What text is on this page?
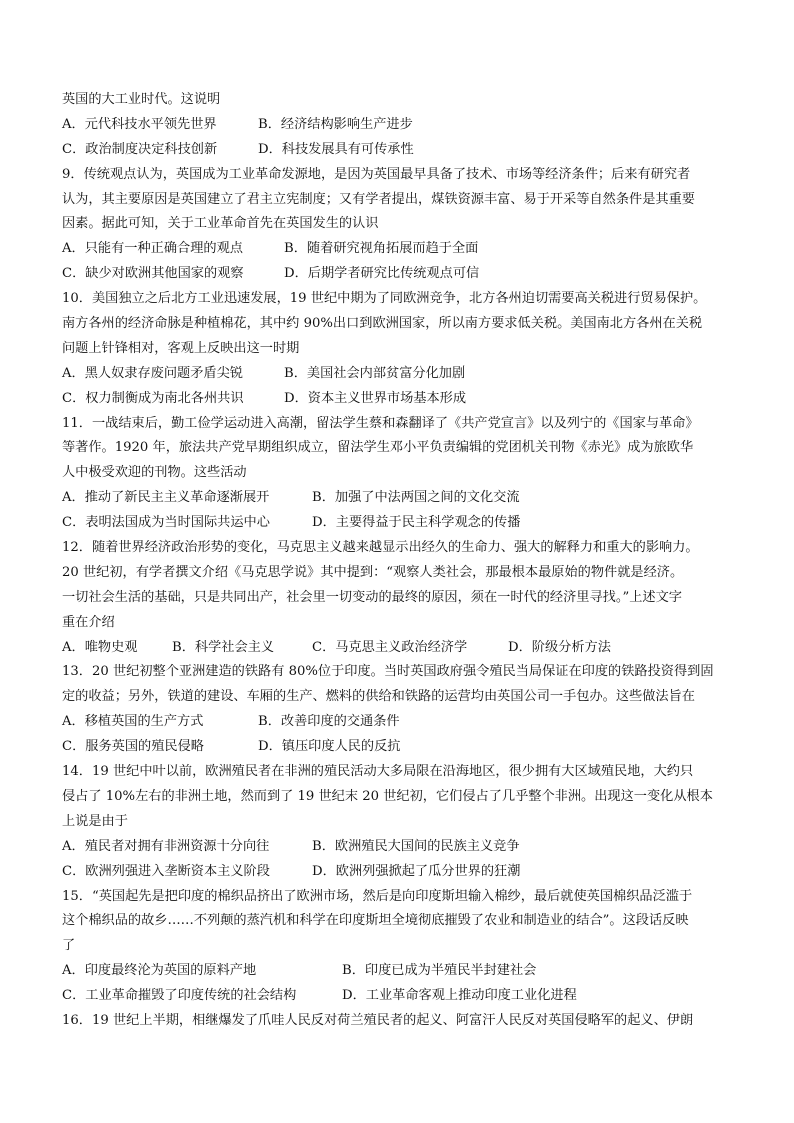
英国的大工业时代。这说明
A．元代科技水平领先世界	B．经济结构影响生产进步
C．政治制度决定科技创新	D．科技发展具有可传承性
9．传统观点认为，英国成为工业革命发源地，是因为英国最早具备了技术、市场等经济条件；后来有研究者
认为，其主要原因是英国建立了君主立宪制度；又有学者提出，煤铁资源丰富、易于开采等自然条件是其重要
因素。据此可知，关于工业革命首先在英国发生的认识
A．只能有一种正确合理的观点	B．随着研究视角拓展而趋于全面
C．缺少对欧洲其他国家的观察	D．后期学者研究比传统观点可信
10．美国独立之后北方工业迅速发展，19 世纪中期为了同欧洲竞争，北方各州迫切需要高关税进行贸易保护。
南方各州的经济命脉是种植棉花，其中约 90%出口到欧洲国家，所以南方要求低关税。美国南北方各州在关税
问题上针锋相对，客观上反映出这一时期
A．黑人奴隶存废问题矛盾尖锐	B．美国社会内部贫富分化加剧
C．权力制衡成为南北各州共识	D．资本主义世界市场基本形成
11．一战结束后，勤工俭学运动进入高潮，留法学生蔡和森翻译了《共产党宣言》以及列宁的《国家与革命》
等著作。1920 年，旅法共产党早期组织成立，留法学生邓小平负责编辑的党团机关刊物《赤光》成为旅欧华
人中极受欢迎的刊物。这些活动
A．推动了新民主主义革命逐渐展开	B．加强了中法两国之间的文化交流
C．表明法国成为当时国际共运中心	D．主要得益于民主科学观念的传播
12．随着世界经济政治形势的变化，马克思主义越来越显示出经久的生命力、强大的解释力和重大的影响力。
20 世纪初，有学者撰文介绍《马克思学说》其中提到：“观察人类社会，那最根本最原始的物件就是经济。
一切社会生活的基础，只是共同出产，社会里一切变动的最终的原因，须在一时代的经济里寻找。”上述文字
重在介绍
A．唯物史观	B．科学社会主义	C．马克思主义政治经济学	D．阶级分析方法
13．20 世纪初整个亚洲建造的铁路有 80%位于印度。当时英国政府强令殖民当局保证在印度的铁路投资得到固
定的收益；另外，铁道的建设、车厢的生产、燃料的供给和铁路的运营均由英国公司一手包办。这些做法旨在
A．移植英国的生产方式	B．改善印度的交通条件
C．服务英国的殖民侵略	D．镇压印度人民的反抗
14．19 世纪中叶以前，欧洲殖民者在非洲的殖民活动大多局限在沿海地区，很少拥有大区域殖民地，大约只
侵占了 10%左右的非洲土地，然而到了 19 世纪末 20 世纪初，它们侵占了几乎整个非洲。出现这一变化从根本
上说是由于
A．殖民者对拥有非洲资源十分向往	B．欧洲殖民大国间的民族主义竞争
C．欧洲列强进入垄断资本主义阶段	D．欧洲列强掀起了瓜分世界的狂潮
15．“英国起先是把印度的棉织品挤出了欧洲市场，然后是向印度斯坦输入棉纱，最后就使英国棉织品泛滥于
这个棉织品的故乡……不列颠的蒸汽机和科学在印度斯坦全境彻底摧毁了农业和制造业的结合”。这段话反映
了
A．印度最终沦为英国的原料产地	B．印度已成为半殖民半封建社会
C．工业革命摧毁了印度传统的社会结构	D．工业革命客观上推动印度工业化进程
16．19 世纪上半期，相继爆发了爪哇人民反对荷兰殖民者的起义、阿富汗人民反对英国侵略军的起义、伊朗
